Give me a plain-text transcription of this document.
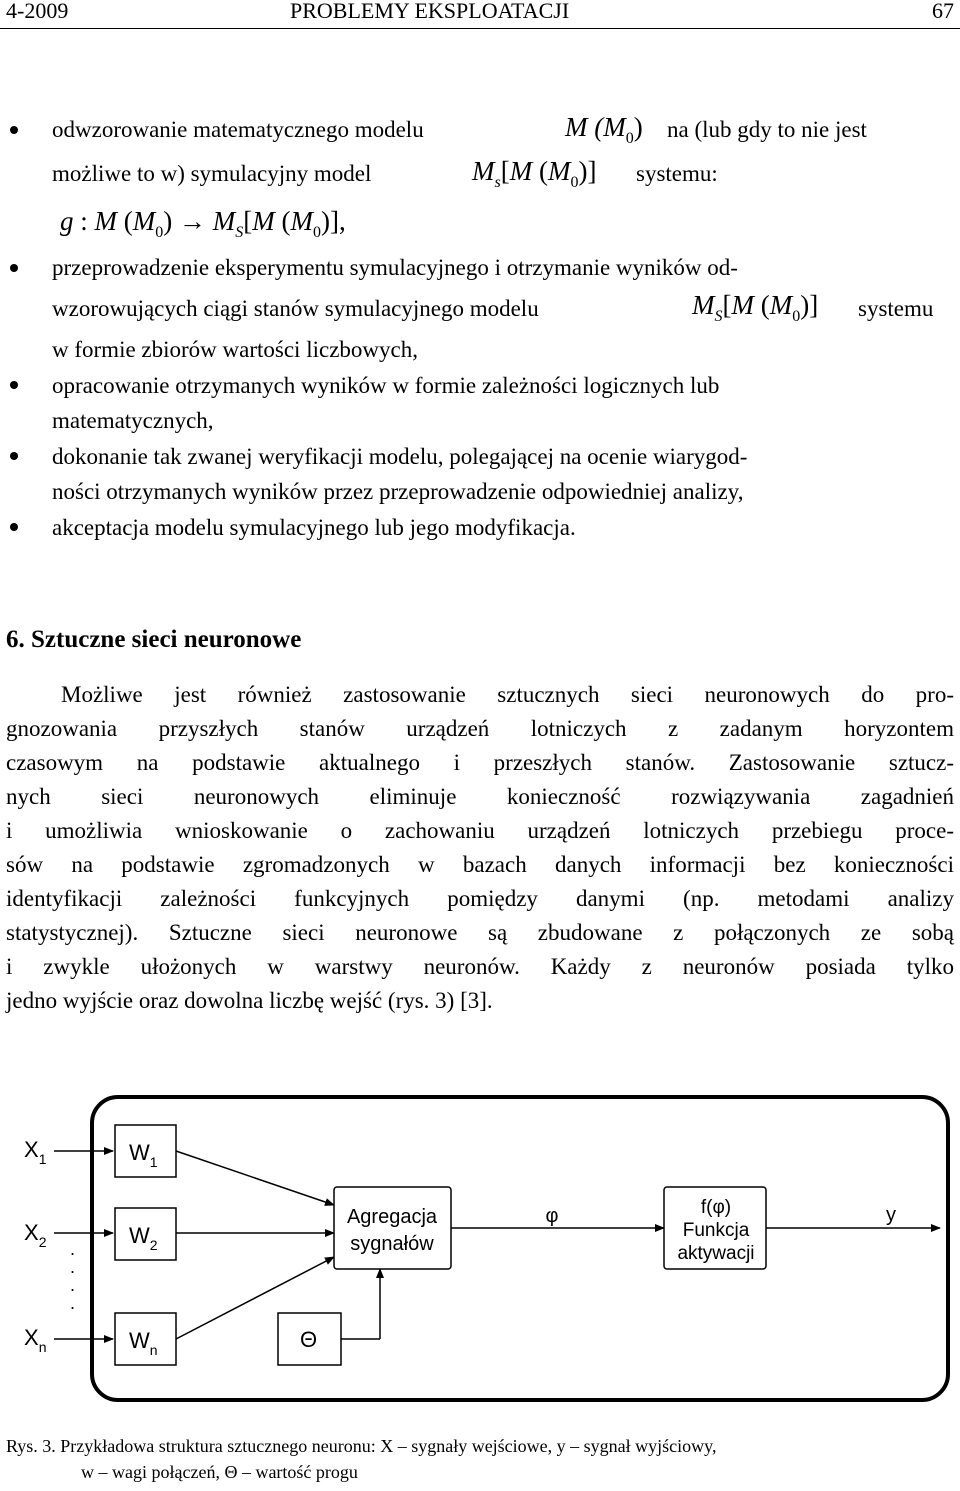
4-2009	PROBLEMY EKSPLOATACJI	67
odwzorowanie matematycznego modelu	M $(M_0)$ na (lub gdy to nie jest
możliwe to w) symulacyjny model	$M_s[M$ $(M_0)$] systemu:
g : M $(M_0) \to M_S[M$ $(M_0)$],
przeprowadzenie eksperymentu symulacyjnego i otrzymanie wyników od-
wzorowujących ciągi stanów symulacyjnego modelu	$M_S[M$ $(M_0)$] systemu
w formie zbiorów wartości liczbowych,
opracowanie otrzymanych wyników w formie zależności logicznych lub
matematycznych,
dokonanie tak zwanej weryfikacji modelu, polegającej na ocenie wiarygod-
ności otrzymanych wyników przez przeprowadzenie odpowiedniej analizy,
akceptacja modelu symulacyjnego lub jego modyfikacja.
6. Sztuczne sieci neuronowe
Możliwe jest również zastosowanie sztucznych sieci neuronowych do pro-
gnozowania przyszłych stanów urządzeń lotniczych z zadanym horyzontem
czasowym na podstawie aktualnego i przeszłych stanów. Zastosowanie sztucz-
nych sieci neuronowych eliminuje konieczność rozwiązywania zagadnień
i umożliwia wnioskowanie o zachowaniu urządzeń lotniczych przebiegu proce-
sów na podstawie zgromadzonych w bazach danych informacji bez konieczności
identyfikacji zależności funkcyjnych pomiędzy danymi (np. metodami analizy
statystycznej). Sztuczne sieci neuronowe są zbudowane z połączonych ze sobą
i zwykle ułożonych w warstwy neuronów. Każdy z neuronów posiada tylko
jedno wyjście oraz dowolna liczbę wejść (rys. 3) [3].
$X_1$
$X_2$
$X_n$
.
.
.
.
$W_1$
$W_2$
$W_n$	Θ
Agregacja
sygnałów
φ	f(φ)
Funkcja
aktywacji
y
Rys. 3. Przykładowa struktura sztucznego neuronu: X – sygnały wejściowe, y – sygnał wyjściowy,
w – wagi połączeń, Θ – wartość progu
